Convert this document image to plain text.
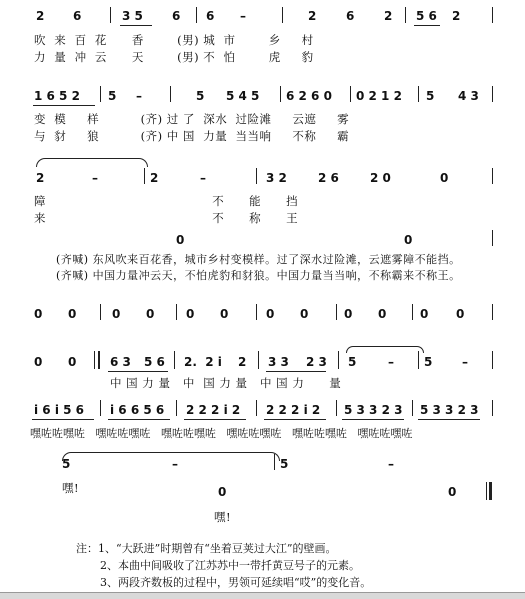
2 6	3 5 6 6 –	2 6 2 5 6 2
吹  来  百  花      香        (男) 城  市        乡     村
力  量  冲  云      天        (男) 不  怕        虎     豹
1 6 5 2 5 –	5 5 4 5 6 2 6 0 0 2 1 2 5 4 3
变  模     样          (齐) 过 了  深水  过险滩     云遮     雾
与  豺     狼          (齐) 中 国  力量  当当响     不称     霸
2	–	2	–	3 2	2 6	2 0	0
障                                        不      能      挡
来                                        不      称      王
0	0
(齐喊) 东风吹来百花香，城市乡村变模样。过了深水过险滩，云遮雾障不能挡。
(齐喊) 中国力量冲云天，不怕虎豹和豺狼。中国力量当当响，不称霸来不称王。
0 0	0 0	0 0	0 0	0 0	0 0
0 0	6 3 5 6 2.  2 i 2 3 3 2 3 5	–	5 –
中 国 力 量   中  国 力 量   中 国 力      量
i 6 i 5 6 i 6 6 5 6 2 2 2 i 2 2 2 2 i 2 5 3 3 2 3 5 3 3 2 3
嘿咗咗嘿咗   嘿咗咗嘿咗   嘿咗咗嘿咗   嘿咗咗嘿咗   嘿咗咗嘿咗   嘿咗咗嘿咗
5	–	5	–
嘿!	0	0
嘿!
注：1、“大跃进”时期曾有“坐着豆荚过大江”的壁画。
2、本曲中间吸收了江苏苏中一带扦黄豆号子的元素。
3、两段齐数板的过程中，男领可延续唱“哎”的变化音。
